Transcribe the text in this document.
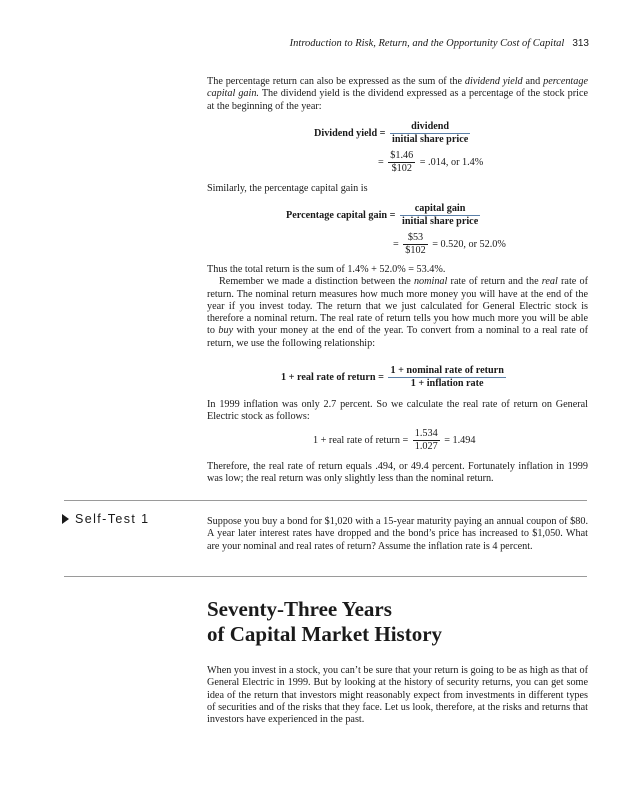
Introduction to Risk, Return, and the Opportunity Cost of Capital 313

The percentage return can also be expressed as the sum of the dividend yield and percentage capital gain. The dividend yield is the dividend expressed as a percentage of the stock price at the beginning of the year:

Dividend yield = $\frac{\text{dividend}}{\text{initial share price}}$
= $\frac{\$1.46}{\$102} = .014$, or 1.4%

Similarly, the percentage capital gain is

Percentage capital gain = $\frac{\text{capital gain}}{\text{initial share price}}$
= $\frac{\$53}{\$102} = 0.520$, or 52.0%

Thus the total return is the sum of 1.4% + 52.0% = 53.4%.

Remember we made a distinction between the nominal rate of return and the real rate of return. The nominal return measures how much more money you will have at the end of the year if you invest today. The return that we just calculated for General Electric stock is therefore a nominal return. The real rate of return tells you how much more you will be able to buy with your money at the end of the year. To convert from a nominal to a real rate of return, we use the following relationship:

1 + real rate of return = $\frac{\text{1 + nominal rate of return}}{\text{1 + inflation rate}}$

In 1999 inflation was only 2.7 percent. So we calculate the real rate of return on General Electric stock as follows:

1 + real rate of return = $\frac{1.534}{1.027} = 1.494$

Therefore, the real rate of return equals .494, or 49.4 percent. Fortunately inflation in 1999 was low; the real return was only slightly less than the nominal return.

Self-Test 1	Suppose you buy a bond for $1,020 with a 15-year maturity paying an annual coupon of $80. A year later interest rates have dropped and the bond’s price has increased to $1,050. What are your nominal and real rates of return? Assume the inflation rate is 4 percent.

Seventy-Three Years
of Capital Market History

When you invest in a stock, you can’t be sure that your return is going to be as high as that of General Electric in 1999. But by looking at the history of security returns, you can get some idea of the return that investors might reasonably expect from investments in different types of securities and of the risks that they face. Let us look, therefore, at the risks and returns that investors have experienced in the past.
